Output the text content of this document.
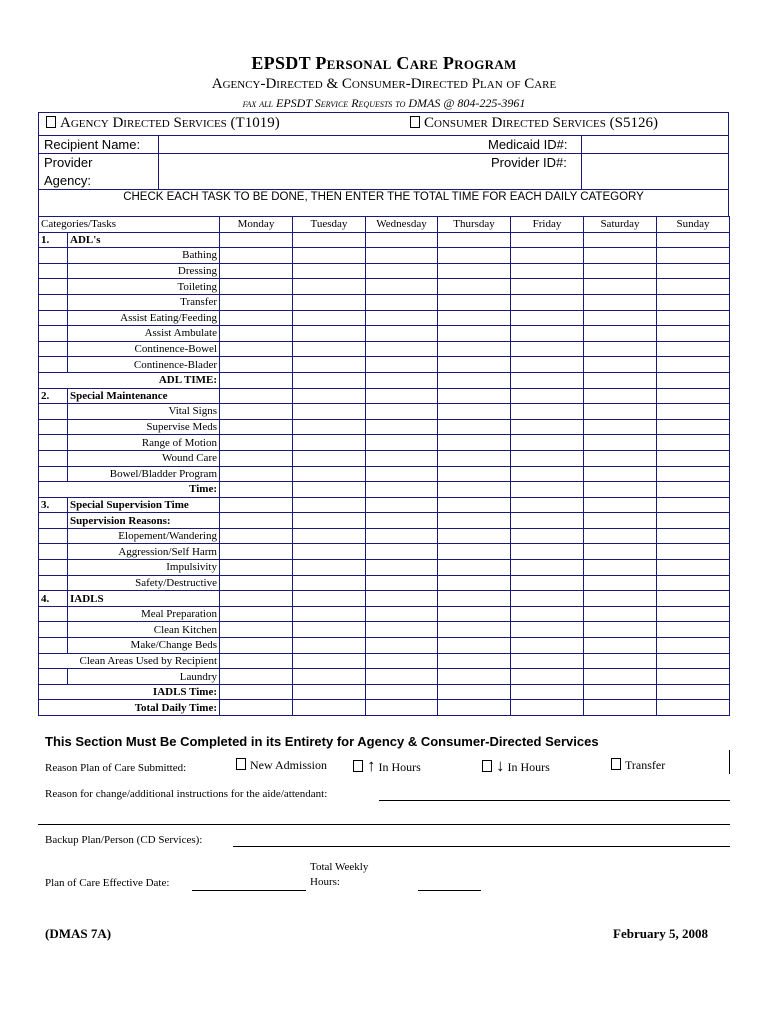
EPSDT Personal Care Program
Agency-Directed & Consumer-Directed Plan of Care
fax all EPSDT Service Requests to DMAS @ 804-225-3961
Agency Directed Services (T1019)	Consumer Directed Services (S5126)
Recipient Name:	Medicaid ID#:
Provider
Agency:
Provider ID#:
CHECK EACH TASK TO BE DONE, THEN ENTER THE TOTAL TIME FOR EACH DAILY CATEGORY
Categories/Tasks		Monday	Tuesday	Wednesday	Thursday	Friday	Saturday	Sunday
1.	ADL's							
	Bathing							
	Dressing							
	Toileting							
	Transfer							
	Assist Eating/Feeding							
	Assist Ambulate							
	Continence-Bowel							
	Continence-Blader							
ADL TIME:								
2.	Special Maintenance							
	Vital Signs							
	Supervise Meds							
	Range of Motion							
	Wound Care							
	Bowel/Bladder Program							
Time:								
3.	Special Supervision Time							
	Supervision Reasons:							
	Elopement/Wandering							
	Aggression/Self Harm							
	Impulsivity							
	Safety/Destructive							
4.	IADLS							
	Meal Preparation							
	Clean Kitchen							
	Make/Change Beds							
Clean Areas Used by Recipient								
	Laundry							
IADLS Time:								
Total Daily Time:								
This Section Must Be Completed in its Entirety for Agency & Consumer-Directed Services
Reason Plan of Care Submitted:	New Admission	↑ In Hours	↓ In Hours	Transfer
Reason for change/additional instructions for the aide/attendant:
Backup Plan/Person (CD Services):
Plan of Care Effective Date:
Total Weekly
Hours:
(DMAS 7A)	February 5, 2008
